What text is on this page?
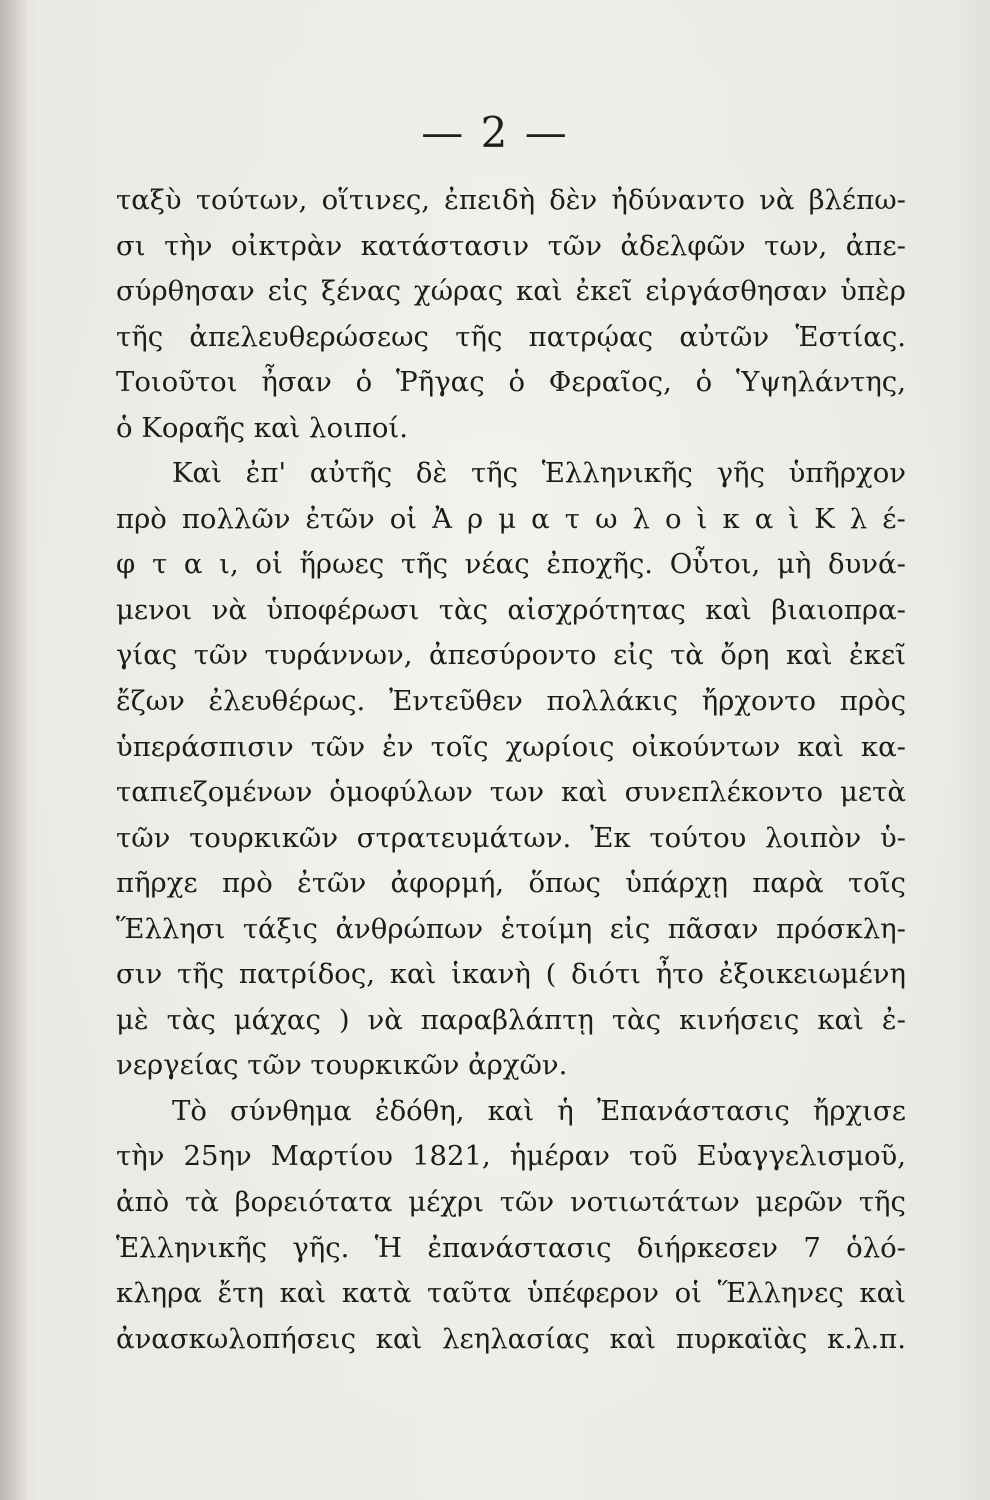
— 2 —
ταξὺ τούτων, οἵτινες, ἐπειδὴ δὲν ἠδύναντο νὰ βλέπω-
σι τὴν οἰκτρὰν κατάστασιν τῶν ἀδελφῶν των, ἀπε-
σύρθησαν εἰς ξένας χώρας καὶ ἐκεῖ εἰργάσθησαν ὑπὲρ
τῆς ἀπελευθερώσεως τῆς πατρῴας αὐτῶν Ἑστίας.
Τοιοῦτοι ἦσαν ὁ Ῥῆγας ὁ Φεραῖος, ὁ Ὑψηλάντης,
ὁ Κοραῆς καὶ λοιποί.
Καὶ ἐπ' αὐτῆς δὲ τῆς Ἑλληνικῆς γῆς ὑπῆρχον
πρὸ πολλῶν ἐτῶν οἱ Ἀ ρ μ α τ ω λ ο ὶ κ α ὶ Κ λ έ-
φ τ α ι, οἱ ἥρωες τῆς νέας ἐποχῆς. Οὗτοι, μὴ δυνά-
μενοι νὰ ὑποφέρωσι τὰς αἰσχρότητας καὶ βιαιοπρα-
γίας τῶν τυράννων, ἀπεσύροντο εἰς τὰ ὄρη καὶ ἐκεῖ
ἔζων ἐλευθέρως. Ἐντεῦθεν πολλάκις ἤρχοντο πρὸς
ὑπεράσπισιν τῶν ἐν τοῖς χωρίοις οἰκούντων καὶ κα-
ταπιεζομένων ὁμοφύλων των καὶ συνεπλέκοντο μετὰ
τῶν τουρκικῶν στρατευμάτων. Ἐκ τούτου λοιπὸν ὑ-
πῆρχε πρὸ ἐτῶν ἀφορμή, ὅπως ὑπάρχῃ παρὰ τοῖς
Ἕλλησι τάξις ἀνθρώπων ἑτοίμη εἰς πᾶσαν πρόσκλη-
σιν τῆς πατρίδος, καὶ ἱκανὴ ( διότι ἦτο ἐξοικειωμένη
μὲ τὰς μάχας ) νὰ παραβλάπτῃ τὰς κινήσεις καὶ ἐ-
νεργείας τῶν τουρκικῶν ἀρχῶν.
Τὸ σύνθημα ἐδόθη, καὶ ἡ Ἐπανάστασις ἤρχισε
τὴν 25ην Μαρτίου 1821, ἡμέραν τοῦ Εὐαγγελισμοῦ,
ἀπὸ τὰ βορειότατα μέχρι τῶν νοτιωτάτων μερῶν τῆς
Ἑλληνικῆς γῆς. Ἡ ἐπανάστασις διήρκεσεν 7 ὁλό-
κληρα ἔτη καὶ κατὰ ταῦτα ὑπέφερον οἱ Ἕλληνες καὶ
ἀνασκωλοπήσεις καὶ λεηλασίας καὶ πυρκαϊὰς κ.λ.π.
